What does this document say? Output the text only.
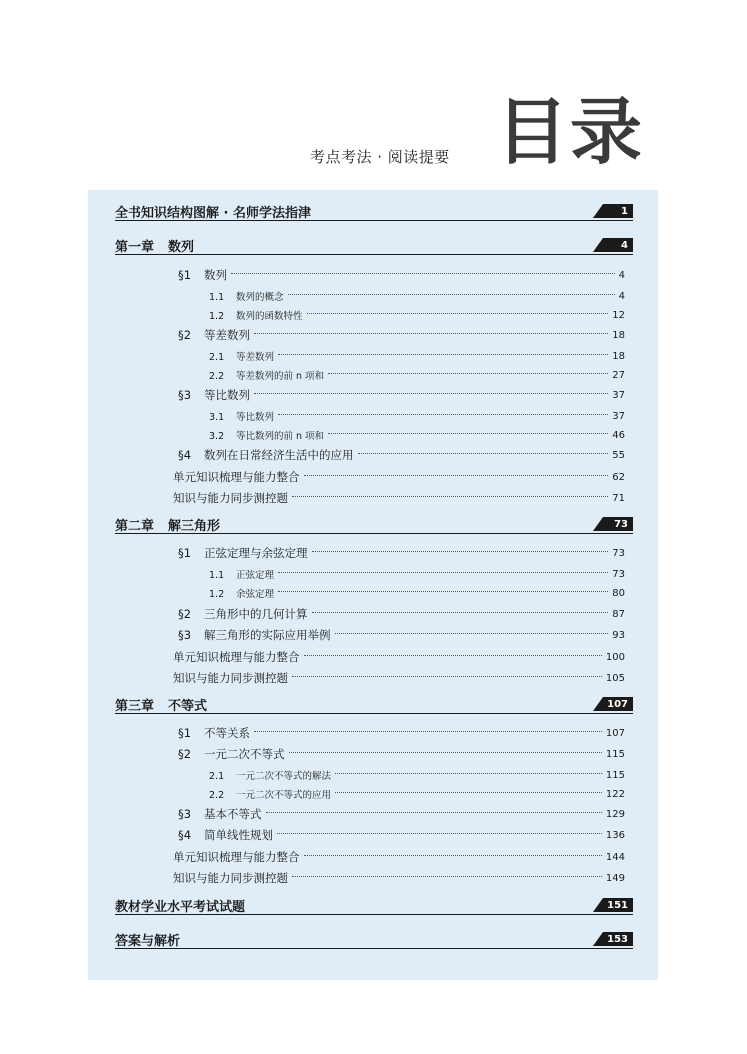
考点考法 · 阅读提要 目录
全书知识结构图解 · 名师学法指津	1
第一章 数列	4
§1 数列	4
1.1 数列的概念	4
1.2 数列的函数特性	12
§2 等差数列	18
2.1 等差数列	18
2.2 等差数列的前 n 项和	27
§3 等比数列	37
3.1 等比数列	37
3.2 等比数列的前 n 项和	46
§4 数列在日常经济生活中的应用	55
单元知识梳理与能力整合	62
知识与能力同步测控题	71
第二章 解三角形	73
§1 正弦定理与余弦定理	73
1.1 正弦定理	73
1.2 余弦定理	80
§2 三角形中的几何计算	87
§3 解三角形的实际应用举例	93
单元知识梳理与能力整合	100
知识与能力同步测控题	105
第三章 不等式	107
§1 不等关系	107
§2 一元二次不等式	115
2.1 一元二次不等式的解法	115
2.2 一元二次不等式的应用	122
§3 基本不等式	129
§4 简单线性规划	136
单元知识梳理与能力整合	144
知识与能力同步测控题	149
教材学业水平考试试题	151
答案与解析	153
